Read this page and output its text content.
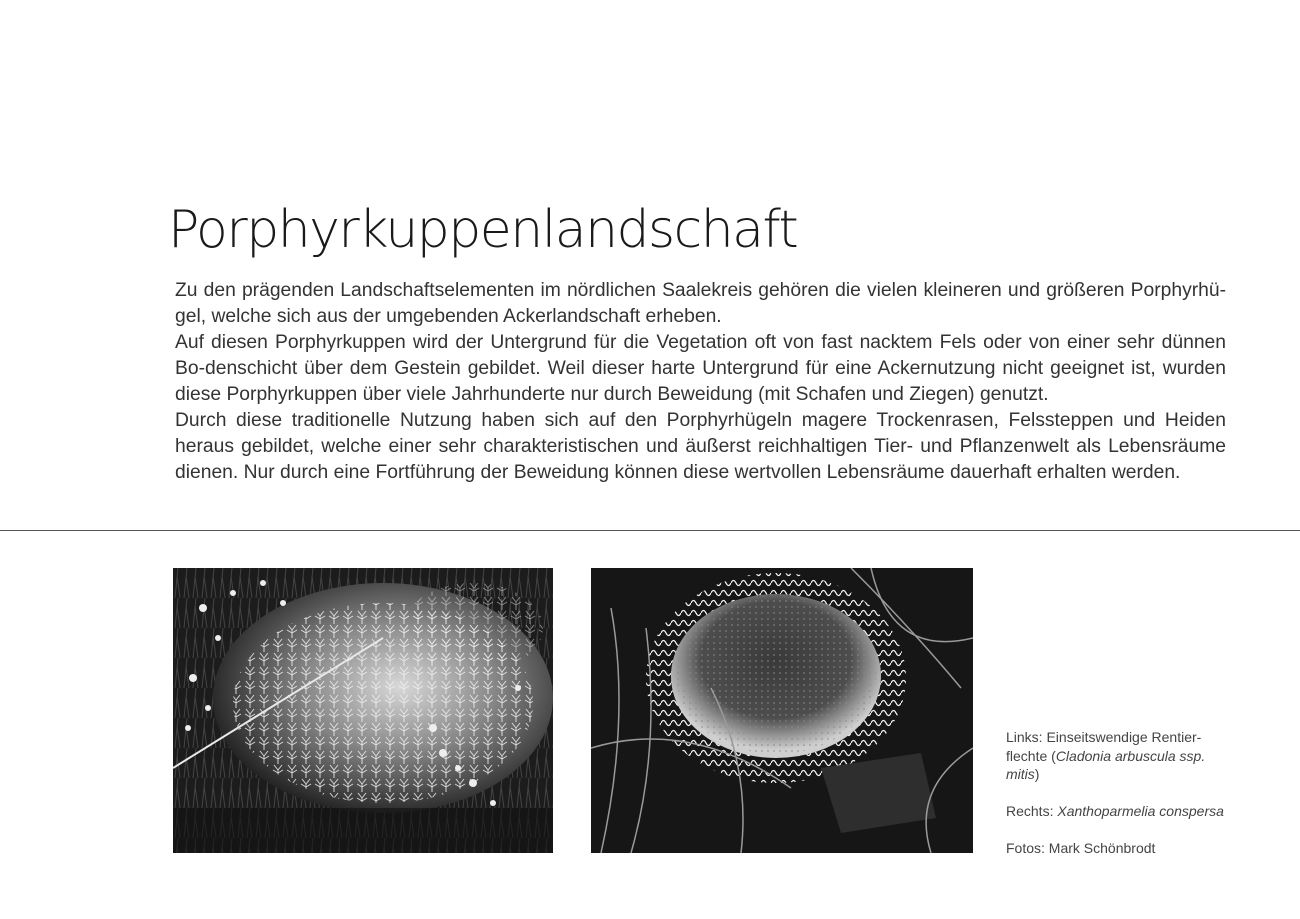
Porphyrkuppenlandschaft

Zu den prägenden Landschaftselementen im nördlichen Saalekreis gehören die vielen kleineren und größeren Porphyrhü-gel, welche sich aus der umgebenden Ackerlandschaft erheben.

Auf diesen Porphyrkuppen wird der Untergrund für die Vegetation oft von fast nacktem Fels oder von einer sehr dünnen Bo-denschicht über dem Gestein gebildet. Weil dieser harte Untergrund für eine Ackernutzung nicht geeignet ist, wurden diese Porphyrkuppen über viele Jahrhunderte nur durch Beweidung (mit Schafen und Ziegen) genutzt.

Durch diese traditionelle Nutzung haben sich auf den Porphyrhügeln magere Trockenrasen, Felssteppen und Heiden heraus gebildet, welche einer sehr charakteristischen und äußerst reichhaltigen Tier- und Pflanzenwelt als Lebensräume dienen. Nur durch eine Fortführung der Beweidung können diese wertvollen Lebensräume dauerhaft erhalten werden.

Links: Einseitswendige Rentier-flechte (Cladonia arbuscula ssp. mitis)

Rechts: Xanthoparmelia conspersa

Fotos: Mark Schönbrodt
